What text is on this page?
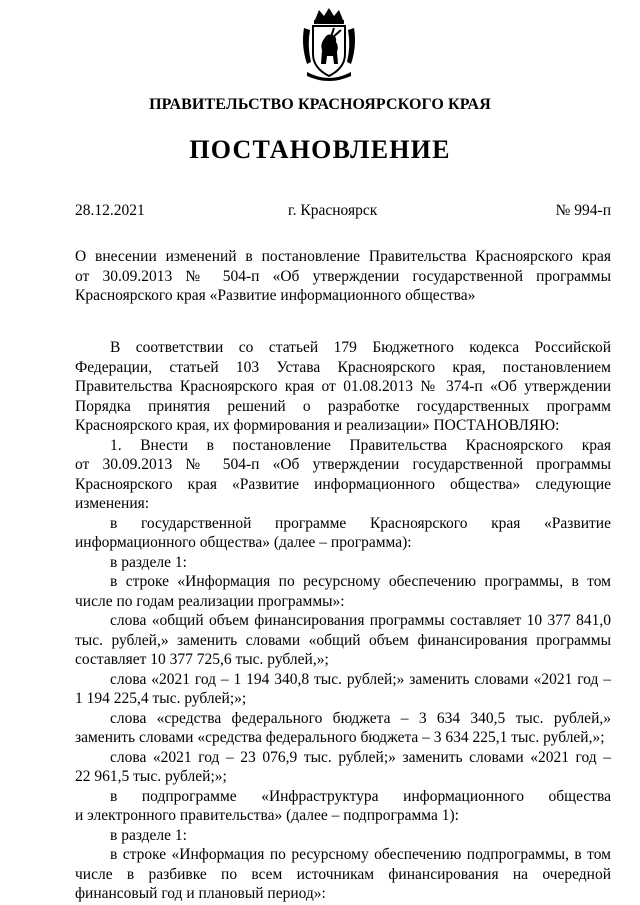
ПРАВИТЕЛЬСТВО КРАСНОЯРСКОГО КРАЯ
ПОСТАНОВЛЕНИЕ
28.12.2021	г. Красноярск	№ 994-п
О внесении изменений в постановление Правительства Красноярского края
от 30.09.2013 № 504-п «Об утверждении государственной программы
Красноярского края «Развитие информационного общества»
В соответствии со статьей 179 Бюджетного кодекса Российской
Федерации, статьей 103 Устава Красноярского края, постановлением
Правительства Красноярского края от 01.08.2013 № 374-п «Об утверждении
Порядка принятия решений о разработке государственных программ
Красноярского края, их формирования и реализации» ПОСТАНОВЛЯЮ:
1. Внести в постановление Правительства Красноярского края
от 30.09.2013 № 504-п «Об утверждении государственной программы
Красноярского края «Развитие информационного общества» следующие
изменения:
в государственной программе Красноярского края «Развитие
информационного общества» (далее – программа):
в разделе 1:
в строке «Информация по ресурсному обеспечению программы, в том
числе по годам реализации программы»:
слова «общий объем финансирования программы составляет 10 377 841,0
тыс. рублей,» заменить словами «общий объем финансирования программы
составляет 10 377 725,6 тыс. рублей,»;
слова «2021 год – 1 194 340,8 тыс. рублей;» заменить словами «2021 год –
1 194 225,4 тыс. рублей;»;
слова «средства федерального бюджета – 3 634 340,5 тыс. рублей,»
заменить словами «средства федерального бюджета – 3 634 225,1 тыс. рублей,»;
слова «2021 год – 23 076,9 тыс. рублей;» заменить словами «2021 год –
22 961,5 тыс. рублей;»;
в подпрограмме «Инфраструктура информационного общества
и электронного правительства» (далее – подпрограмма 1):
в разделе 1:
в строке «Информация по ресурсному обеспечению подпрограммы, в том
числе в разбивке по всем источникам финансирования на очередной
финансовый год и плановый период»:
